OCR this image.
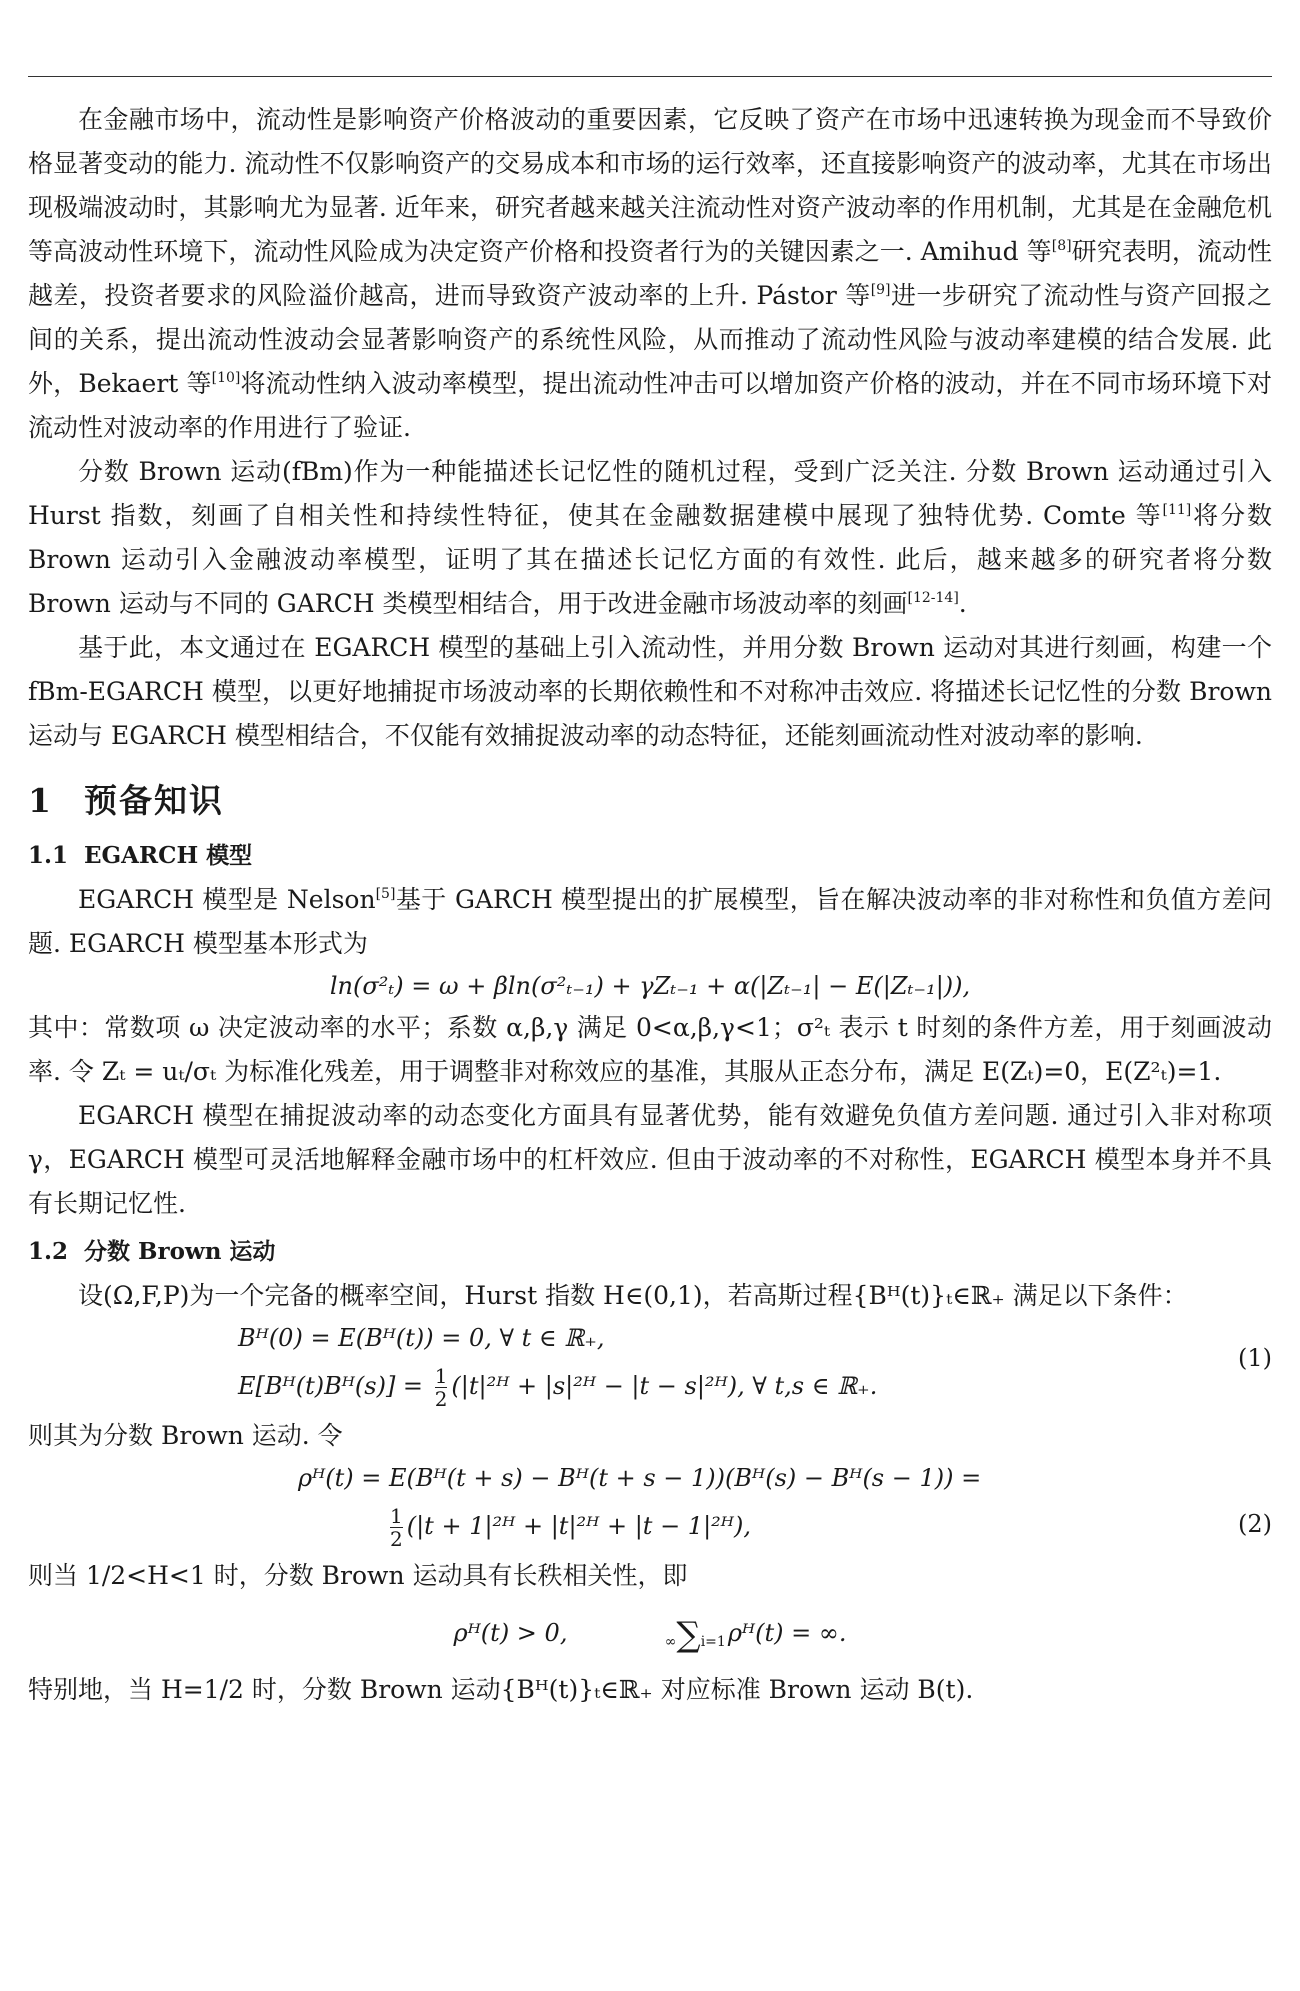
在金融市场中，流动性是影响资产价格波动的重要因素，它反映了资产在市场中迅速转换为现金而不导致价格显著变动的能力. 流动性不仅影响资产的交易成本和市场的运行效率，还直接影响资产的波动率，尤其在市场出现极端波动时，其影响尤为显著. 近年来，研究者越来越关注流动性对资产波动率的作用机制，尤其是在金融危机等高波动性环境下，流动性风险成为决定资产价格和投资者行为的关键因素之一. Amihud 等[8]研究表明，流动性越差，投资者要求的风险溢价越高，进而导致资产波动率的上升. Pástor 等[9]进一步研究了流动性与资产回报之间的关系，提出流动性波动会显著影响资产的系统性风险，从而推动了流动性风险与波动率建模的结合发展. 此外，Bekaert 等[10]将流动性纳入波动率模型，提出流动性冲击可以增加资产价格的波动，并在不同市场环境下对流动性对波动率的作用进行了验证.

分数 Brown 运动(fBm)作为一种能描述长记忆性的随机过程，受到广泛关注. 分数 Brown 运动通过引入 Hurst 指数，刻画了自相关性和持续性特征，使其在金融数据建模中展现了独特优势. Comte 等[11]将分数 Brown 运动引入金融波动率模型，证明了其在描述长记忆方面的有效性. 此后，越来越多的研究者将分数 Brown 运动与不同的 GARCH 类模型相结合，用于改进金融市场波动率的刻画[12-14].

基于此，本文通过在 EGARCH 模型的基础上引入流动性，并用分数 Brown 运动对其进行刻画，构建一个 fBm-EGARCH 模型，以更好地捕捉市场波动率的长期依赖性和不对称冲击效应. 将描述长记忆性的分数 Brown 运动与 EGARCH 模型相结合，不仅能有效捕捉波动率的动态特征，还能刻画流动性对波动率的影响.

1 预备知识
1.1 EGARCH 模型

EGARCH 模型是 Nelson[5]基于 GARCH 模型提出的扩展模型，旨在解决波动率的非对称性和负值方差问题. EGARCH 模型基本形式为

ln(σ²ₜ) = ω + βln(σ²ₜ₋₁) + γZₜ₋₁ + α(|Zₜ₋₁| − E(|Zₜ₋₁|)),

其中：常数项 ω 决定波动率的水平；系数 α,β,γ 满足 0<α,β,γ<1；σ²ₜ 表示 t 时刻的条件方差，用于刻画波动率. 令 Zₜ = uₜ/σₜ 为标准化残差，用于调整非对称效应的基准，其服从正态分布，满足 E(Zₜ)=0，E(Z²ₜ)=1.

EGARCH 模型在捕捉波动率的动态变化方面具有显著优势，能有效避免负值方差问题. 通过引入非对称项 γ，EGARCH 模型可灵活地解释金融市场中的杠杆效应. 但由于波动率的不对称性，EGARCH 模型本身并不具有长期记忆性.

1.2 分数 Brown 运动

设(Ω,F,P)为一个完备的概率空间，Hurst 指数 H∈(0,1)，若高斯过程{Bᴴ(t)}ₜ∈ℝ₊ 满足以下条件：

Bᴴ(0) = E(Bᴴ(t)) = 0, ∀ t ∈ ℝ₊,
E[Bᴴ(t)Bᴴ(s)] = $\frac{1}{2}$ (|t|²ᴴ + |s|²ᴴ − |t − s|²ᴴ), ∀ t,s ∈ ℝ₊.
(1)

则其为分数 Brown 运动. 令

ρᴴ(t) = E(Bᴴ(t + s) − Bᴴ(t + s − 1))(Bᴴ(s) − Bᴴ(s − 1)) =
$\frac{1}{2} (|t$ + 1|²ᴴ + |t|²ᴴ + |t − 1|²ᴴ),	(2)

则当 1/2<H<1 时，分数 Brown 运动具有长秩相关性，即

ρᴴ(t) > 0,	∞∑i=1ρᴴ(t) = ∞.

特别地，当 H=1/2 时，分数 Brown 运动{Bᴴ(t)}ₜ∈ℝ₊ 对应标准 Brown 运动 B(t).
